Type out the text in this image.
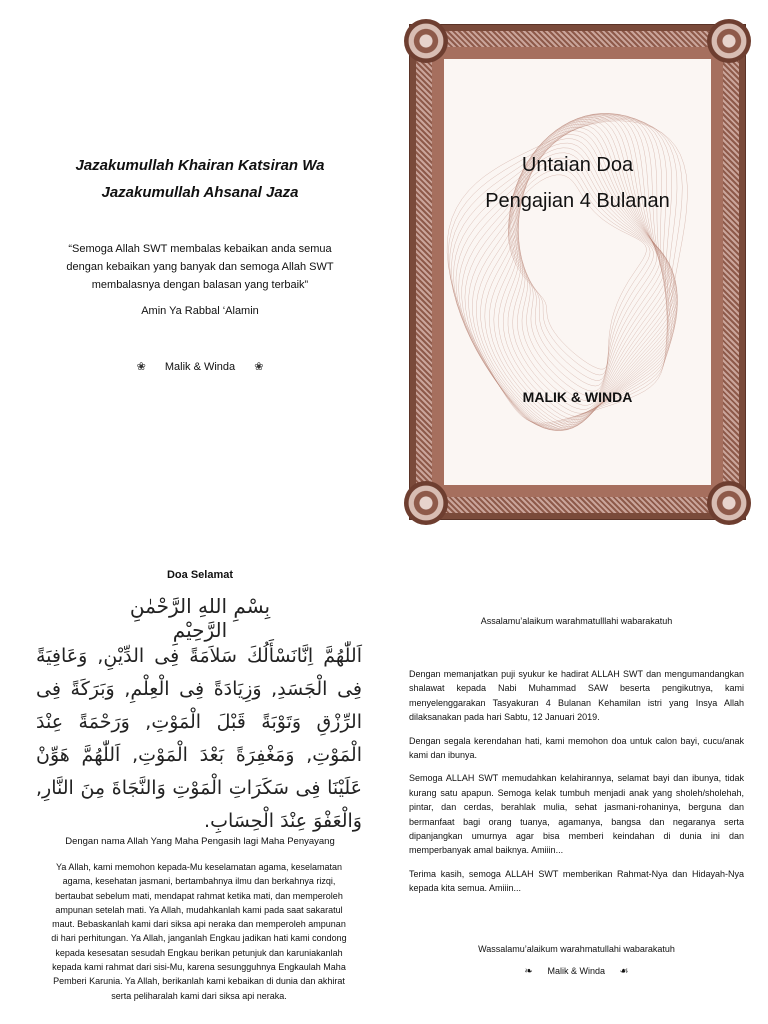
Jazakumullah Khairan Katsiran Wa
Jazakumullah Ahsanal Jaza
“Semoga Allah SWT membalas kebaikan anda semua
dengan kebaikan yang banyak dan semoga Allah SWT
membalasnya dengan balasan yang terbaik”
Amin Ya Rabbal ‘Alamin
❀ Malik & Winda ❀
Untaian Doa
Pengajian 4 Bulanan
MALIK & WINDA
Doa Selamat
بِسْمِ اللهِ الرَّحْمٰنِ الرَّحِيْمِ
اَللّٰهُمَّ اِنَّانَسْأَلُكَ سَلاَمَةً فِى الدِّيْنِ, وَعَافِيَةً فِى الْجَسَدِ, وَزِيَادَةً فِى الْعِلْمِ, وَبَرَكَةً فِى الرِّزْقِ وَتَوْبَةً قَبْلَ الْمَوْتِ, وَرَحْمَةً عِنْدَ الْمَوْتِ, وَمَغْفِرَةً بَعْدَ الْمَوْتِ, اَللّٰهُمَّ هَوِّنْ عَلَيْنَا فِى سَكَرَاتِ الْمَوْتِ وَالنَّجَاةَ مِنَ النَّارِ, وَالْعَفْوَ عِنْدَ الْحِسَابِ.
Dengan nama Allah Yang Maha Pengasih lagi Maha Penyayang
Ya Allah, kami memohon kepada-Mu keselamatan agama, keselamatan
agama, kesehatan jasmani, bertambahnya ilmu dan berkahnya rizqi,
bertaubat sebelum mati, mendapat rahmat ketika mati, dan memperoleh
ampunan setelah mati. Ya Allah, mudahkanlah kami pada saat sakaratul
maut. Bebaskanlah kami dari siksa api neraka dan memperoleh ampunan
di hari perhitungan. Ya Allah, janganlah Engkau jadikan hati kami condong
kepada kesesatan sesudah Engkau berikan petunjuk dan karuniakanlah
kepada kami rahmat dari sisi-Mu, karena sesungguhnya Engkaulah Maha
Pemberi Karunia. Ya Allah, berikanlah kami kebaikan di dunia dan akhirat
serta peliharalah kami dari siksa api neraka.
Assalamu’alaikum warahmatulllahi wabarakatuh

Dengan memanjatkan puji syukur ke hadirat ALLAH SWT dan mengumandangkan shalawat kepada Nabi Muhammad SAW beserta pengikutnya, kami menyelenggarakan Tasyakuran 4 Bulanan Kehamilan istri yang Insya Allah dilaksanakan pada hari Sabtu, 12 Januari 2019.

Dengan segala kerendahan hati, kami memohon doa untuk calon bayi, cucu/anak kami dan ibunya.

Semoga ALLAH SWT memudahkan kelahirannya, selamat bayi dan ibunya, tidak kurang satu apapun. Semoga kelak tumbuh menjadi anak yang sholeh/sholehah, pintar, dan cerdas, berahlak mulia, sehat jasmani-rohaninya, berguna dan bermanfaat bagi orang tuanya, agamanya, bangsa dan negaranya serta dipanjangkan umurnya agar bisa memberi keindahan di dunia ini dan memperbanyak amal baiknya. Amiiin...

Terima kasih, semoga ALLAH SWT memberikan Rahmat-Nya dan Hidayah-Nya kepada kita semua. Amiiin...

Wassalamu’alaikum warahmatullahi wabarakatuh
❧ Malik & Winda ☙
